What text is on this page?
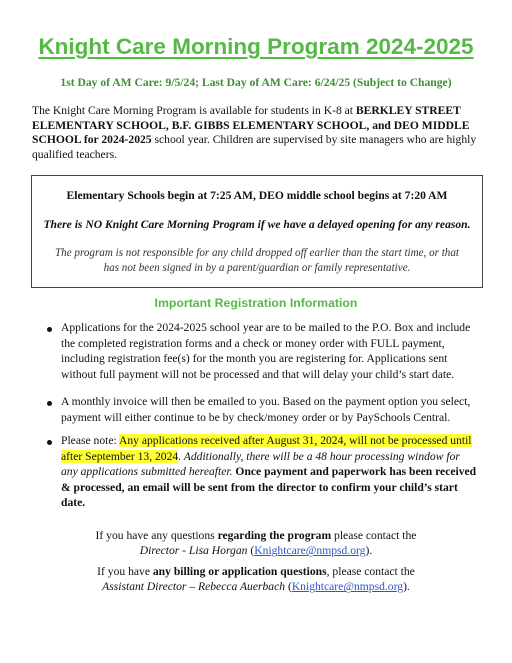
Knight Care Morning Program 2024-2025
1st Day of AM Care: 9/5/24; Last Day of AM Care: 6/24/25 (Subject to Change)
The Knight Care Morning Program is available for students in K-8 at BERKLEY STREET ELEMENTARY SCHOOL, B.F. GIBBS ELEMENTARY SCHOOL, and DEO MIDDLE SCHOOL for 2024-2025 school year. Children are supervised by site managers who are highly qualified teachers.
Elementary Schools begin at 7:25 AM, DEO middle school begins at 7:20 AM
There is NO Knight Care Morning Program if we have a delayed opening for any reason.
The program is not responsible for any child dropped off earlier than the start time, or that has not been signed in by a parent/guardian or family representative.
Important Registration Information
Applications for the 2024-2025 school year are to be mailed to the P.O. Box and include the completed registration forms and a check or money order with FULL payment, including registration fee(s) for the month you are registering for. Applications sent without full payment will not be processed and that will delay your child’s start date.
A monthly invoice will then be emailed to you. Based on the payment option you select, payment will either continue to be by check/money order or by PaySchools Central.
Please note: Any applications received after August 31, 2024, will not be processed until after September 13, 2024. Additionally, there will be a 48 hour processing window for any applications submitted hereafter. Once payment and paperwork has been received & processed, an email will be sent from the director to confirm your child’s start date.
If you have any questions regarding the program please contact the
Director - Lisa Horgan (Knightcare@nmpsd.org).
If you have any billing or application questions, please contact the
Assistant Director – Rebecca Auerbach (Knightcare@nmpsd.org).
